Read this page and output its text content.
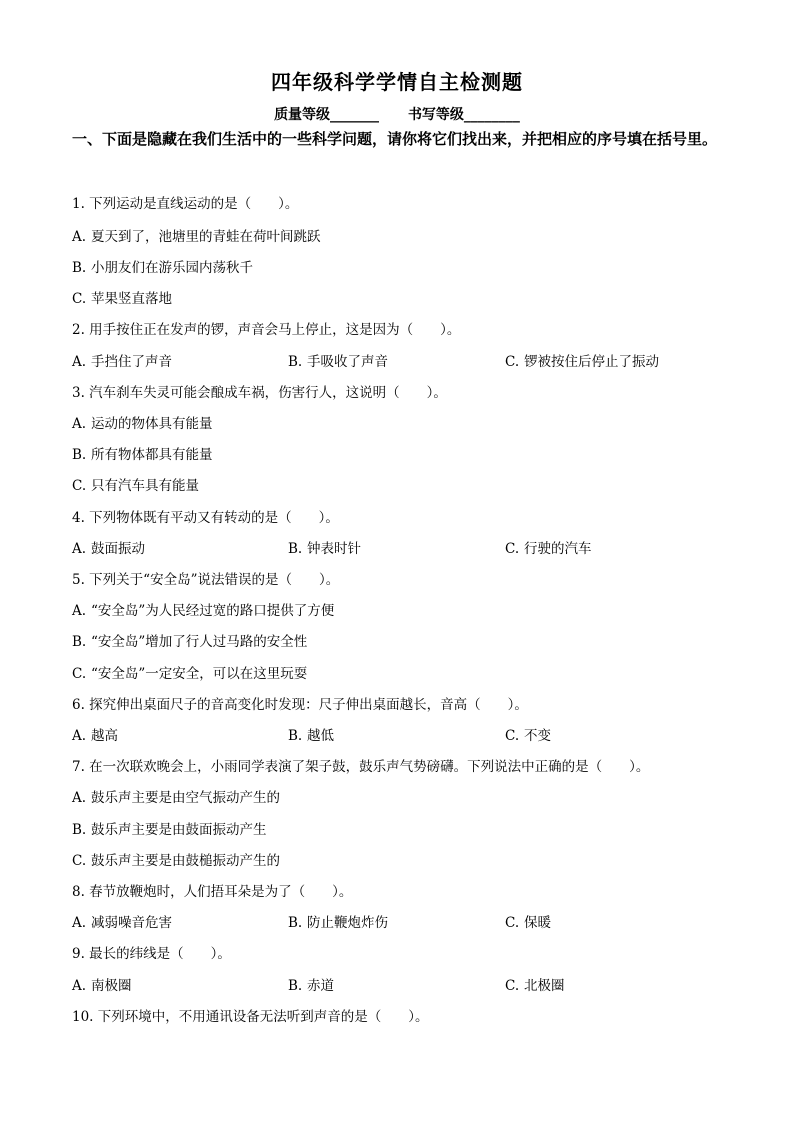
四年级科学学情自主检测题
质量等级_______ 书写等级________
一、下面是隐藏在我们生活中的一些科学问题，请你将它们找出来，并把相应的序号填在括号里。
1. 下列运动是直线运动的是（　　）。
A. 夏天到了，池塘里的青蛙在荷叶间跳跃
B. 小朋友们在游乐园内荡秋千
C. 苹果竖直落地
2. 用手按住正在发声的锣，声音会马上停止，这是因为（　　）。
A. 手挡住了声音	B. 手吸收了声音	C. 锣被按住后停止了振动
3. 汽车刹车失灵可能会酿成车祸，伤害行人，这说明（　　）。
A. 运动的物体具有能量
B. 所有物体都具有能量
C. 只有汽车具有能量
4. 下列物体既有平动又有转动的是（　　）。
A. 鼓面振动	B. 钟表时针	C. 行驶的汽车
5. 下列关于“安全岛”说法错误的是（　　）。
A. “安全岛”为人民经过宽的路口提供了方便
B. “安全岛”增加了行人过马路的安全性
C. “安全岛”一定安全，可以在这里玩耍
6. 探究伸出桌面尺子的音高变化时发现：尺子伸出桌面越长，音高（　　）。
A. 越高	B. 越低	C. 不变
7. 在一次联欢晚会上，小雨同学表演了架子鼓，鼓乐声气势磅礴。下列说法中正确的是（　　）。
A. 鼓乐声主要是由空气振动产生的
B. 鼓乐声主要是由鼓面振动产生
C. 鼓乐声主要是由鼓槌振动产生的
8. 春节放鞭炮时，人们捂耳朵是为了（　　）。
A. 减弱噪音危害	B. 防止鞭炮炸伤	C. 保暖
9. 最长的纬线是（　　）。
A. 南极圈	B. 赤道	C. 北极圈
10. 下列环境中，不用通讯设备无法听到声音的是（　　）。
